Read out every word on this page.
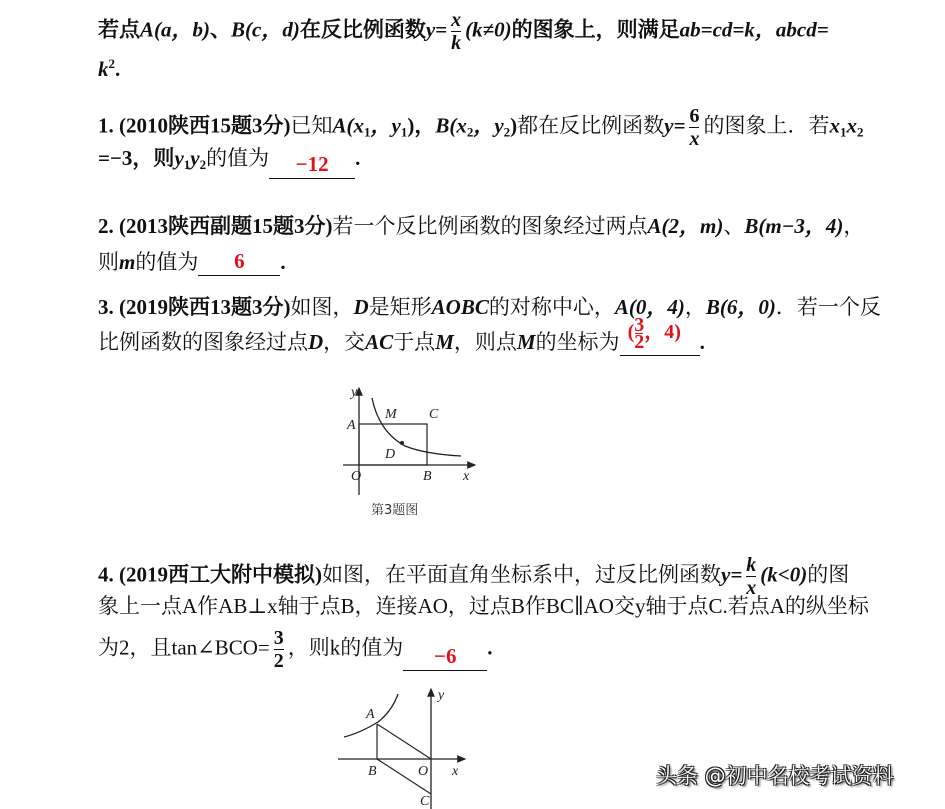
若点A(a，b)、B(c，d)在反比例函数$y= \frac{x}{k} (k\ne 0)$的图象上，则满足ab=cd=k，abcd=
$k^2$.
1. (2010陕西15题3分)已知$A(x_1$，$y_1$)，$B(x_2$，$y_2$)都在反比例函数$y= \frac{6}{x}$ 的图象上．若$x_1x_2$
=−3，则$y_1y_2$的值为	−12	.
2. (2013陕西副题15题3分)若一个反比例函数的图象经过两点A(2，m)、B(m−3，4)，
则m的值为	6	.
3. (2019陕西13题3分)如图，D是矩形AOBC的对称中心，A(0，4)，B(6，0)．若一个反
比例函数的图象经过点D，交AC于点M，则点M的坐标为 ( $\frac{3}{2}$ ，4) .
y
x
O
A
B
C
M
D
第3题图
4. (2019西工大附中模拟)如图，在平面直角坐标系中，过反比例函数$y= \frac{k}{x} (k<0)$的图
象上一点A作AB⊥x轴于点B，连接AO，过点B作BC∥AO交y轴于点C.若点A的纵坐标
为2，且tan∠BCO= $\frac{3}{2}$ ，则k的值为	−6	.
A
B	O
C
y
x	头条 @初中名校考试资料
